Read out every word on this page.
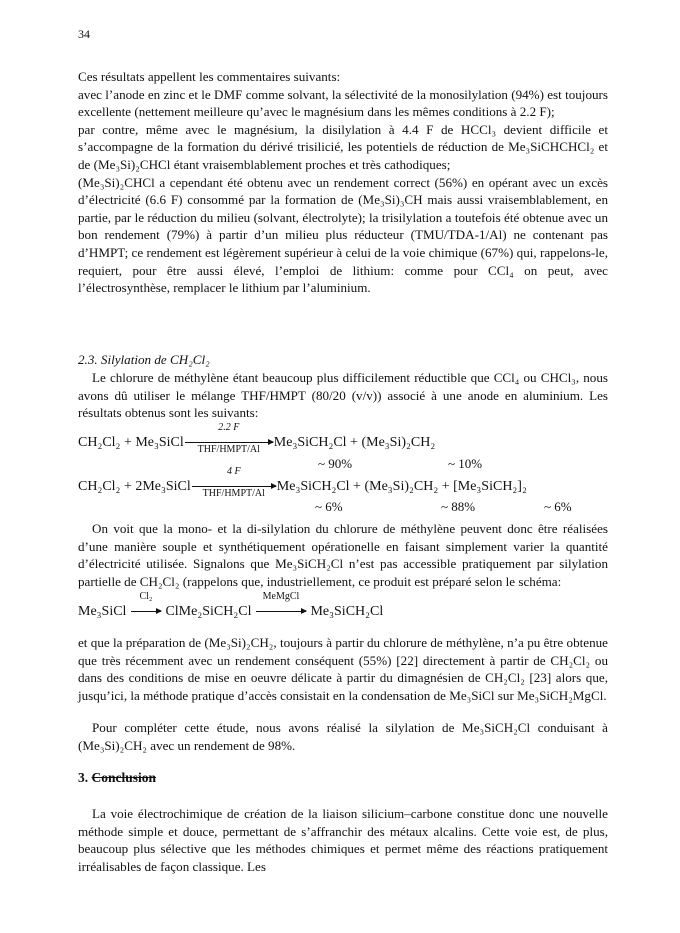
34
Ces résultats appellent les commentaires suivants:
avec l’anode en zinc et le DMF comme solvant, la sélectivité de la monosilylation (94%) est toujours excellente (nettement meilleure qu’avec le magnésium dans les mêmes conditions à 2.2 F);
par contre, même avec le magnésium, la disilylation à 4.4 F de HCCl₃ devient difficile et s’accompagne de la formation du dérivé trisilicié, les potentiels de réduction de Me₃SiCHCHCl₂ et de (Me₃Si)₂CHCl étant vraisemblablement proches et très cathodiques;
(Me₃Si)₂CHCl a cependant été obtenu avec un rendement correct (56%) en opérant avec un excès d’électricité (6.6 F) consommé par la formation de (Me₃Si)₃CH mais aussi vraisemblablement, en partie, par le réduction du milieu (solvant, électrolyte); la trisilylation a toutefois été obtenue avec un bon rendement (79%) à partir d’un milieu plus réducteur (TMU/TDA-1/Al) ne contenant pas d’HMPT; ce rendement est légèrement supérieur à celui de la voie chimique (67%) qui, rappelons-le, requiert, pour être aussi élevé, l’emploi de lithium: comme pour CCl₄ on peut, avec l’électrosynthèse, remplacer le lithium par l’aluminium.
2.3. Silylation de CH₂Cl₂
Le chlorure de méthylène étant beaucoup plus difficilement réductible que CCl₄ ou CHCl₃, nous avons dû utiliser le mélange THF/HMPT (80/20 (v/v)) associé à une anode en aluminium. Les résultats obtenus sont les suivants:
CH₂Cl₂ + Me₃SiCl
2.2 F
THF/HMPT/Al Me₃SiCH₂Cl + (Me₃Si)₂CH₂
~ 90%	~ 10%
CH₂Cl₂ + 2Me₃SiCl
4 F
THF/HMPT/Al Me₃SiCH₂Cl + (Me₃Si)₂CH₂ + [Me₃SiCH₂]₂
~ 6%	~ 88%	~ 6%
On voit que la mono- et la di-silylation du chlorure de méthylène peuvent donc être réalisées d’une manière souple et synthétiquement opérationelle en faisant simplement varier la quantité d’électricité utilisée. Signalons que Me₃SiCH₂Cl n’est pas accessible pratiquement par silylation partielle de CH₂Cl₂ (rappelons que, industriellement, ce produit est préparé selon le schéma:
Me₃SiCl
Cl₂
ClMe₂SiCH₂Cl
MeMgCl
Me₃SiCH₂Cl
et que la préparation de (Me₃Si)₂CH₂, toujours à partir du chlorure de méthylène, n’a pu être obtenue que très récemment avec un rendement conséquent (55%) [22] directement à partir de CH₂Cl₂ ou dans des conditions de mise en oeuvre délicate à partir du dimagnésien de CH₂Cl₂ [23] alors que, jusqu’ici, la méthode pratique d’accès consistait en la condensation de Me₃SiCl sur Me₃SiCH₂MgCl.
Pour compléter cette étude, nous avons réalisé la silylation de Me₃SiCH₂Cl conduisant à (Me₃Si)₂CH₂ avec un rendement de 98%.
3. Conclusion
La voie électrochimique de création de la liaison silicium–carbone constitue donc une nouvelle méthode simple et douce, permettant de s’affranchir des métaux alcalins. Cette voie est, de plus, beaucoup plus sélective que les méthodes chimiques et permet même des réactions pratiquement irréalisables de façon classique. Les
